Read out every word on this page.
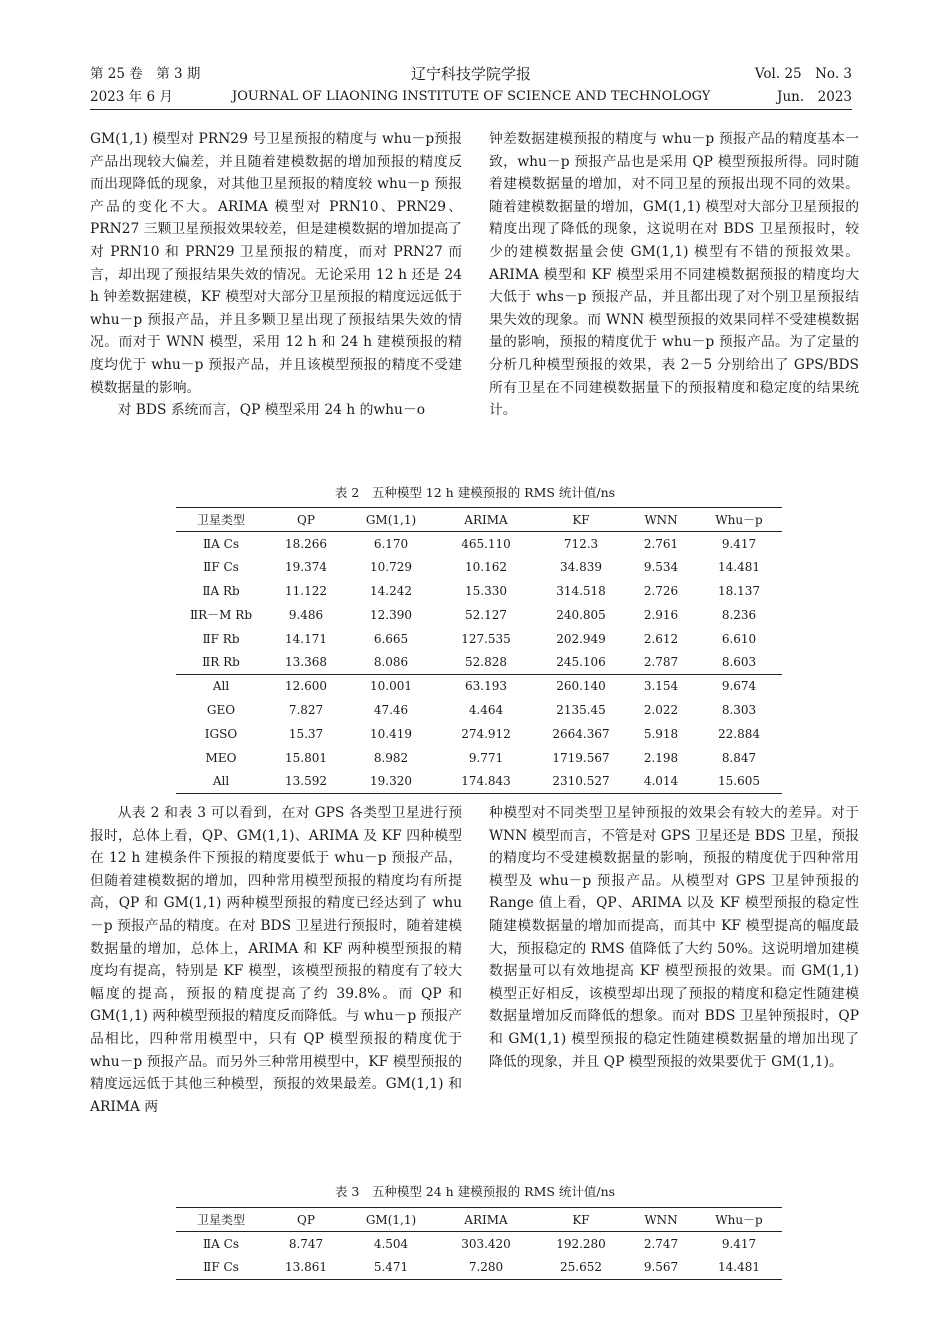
第 25 卷　第 3 期	辽宁科技学院学报	Vol. 25　No. 3
2023 年 6 月	JOURNAL OF LIAONING INSTITUTE OF SCIENCE AND TECHNOLOGY	Jun.　2023

GM(1,1) 模型对 PRN29 号卫星预报的精度与 whu－p预报产品出现较大偏差，并且随着建模数据的增加预报的精度反而出现降低的现象，对其他卫星预报的精度较 whu－p 预报产品的变化不大。ARIMA 模型对 PRN10、PRN29、PRN27 三颗卫星预报效果较差，但是建模数据的增加提高了对 PRN10 和 PRN29 卫星预报的精度，而对 PRN27 而言，却出现了预报结果失效的情况。无论采用 12 h 还是 24 h 钟差数据建模，KF 模型对大部分卫星预报的精度远远低于 whu－p 预报产品，并且多颗卫星出现了预报结果失效的情况。而对于 WNN 模型，采用 12 h 和 24 h 建模预报的精度均优于 whu－p 预报产品，并且该模型预报的精度不受建模数据量的影响。

对 BDS 系统而言，QP 模型采用 24 h 的whu－o

钟差数据建模预报的精度与 whu－p 预报产品的精度基本一致，whu－p 预报产品也是采用 QP 模型预报所得。同时随着建模数据量的增加，对不同卫星的预报出现不同的效果。随着建模数据量的增加，GM(1,1) 模型对大部分卫星预报的精度出现了降低的现象，这说明在对 BDS 卫星预报时，较少的建模数据量会使 GM(1,1) 模型有不错的预报效果。ARIMA 模型和 KF 模型采用不同建模数据预报的精度均大大低于 whs－p 预报产品，并且都出现了对个别卫星预报结果失效的现象。而 WNN 模型预报的效果同样不受建模数据量的影响，预报的精度优于 whu－p 预报产品。为了定量的分析几种模型预报的效果，表 2－5 分别给出了 GPS/BDS 所有卫星在不同建模数据量下的预报精度和稳定度的结果统计。

表 2　五种模型 12 h 建模预报的 RMS 统计值/ns
卫星类型	QP	GM(1,1)	ARIMA	KF	WNN	Whu－p
ⅡA Cs	18.266	6.170	465.110	712.3	2.761	9.417
ⅡF Cs	19.374	10.729	10.162	34.839	9.534	14.481
ⅡA Rb	11.122	14.242	15.330	314.518	2.726	18.137
ⅡR－M Rb	9.486	12.390	52.127	240.805	2.916	8.236
ⅡF Rb	14.171	6.665	127.535	202.949	2.612	6.610
ⅡR Rb	13.368	8.086	52.828	245.106	2.787	8.603
All	12.600	10.001	63.193	260.140	3.154	9.674
GEO	7.827	47.46	4.464	2135.45	2.022	8.303
IGSO	15.37	10.419	274.912	2664.367	5.918	22.884
MEO	15.801	8.982	9.771	1719.567	2.198	8.847
All	13.592	19.320	174.843	2310.527	4.014	15.605

从表 2 和表 3 可以看到，在对 GPS 各类型卫星进行预报时，总体上看，QP、GM(1,1)、ARIMA 及 KF 四种模型在 12 h 建模条件下预报的精度要低于 whu－p 预报产品，但随着建模数据的增加，四种常用模型预报的精度均有所提高，QP 和 GM(1,1) 两种模型预报的精度已经达到了 whu－p 预报产品的精度。在对 BDS 卫星进行预报时，随着建模数据量的增加，总体上，ARIMA 和 KF 两种模型预报的精度均有提高，特别是 KF 模型，该模型预报的精度有了较大幅度的提高，预报的精度提高了约 39.8%。而 QP 和 GM(1,1) 两种模型预报的精度反而降低。与 whu－p 预报产品相比，四种常用模型中，只有 QP 模型预报的精度优于 whu－p 预报产品。而另外三种常用模型中，KF 模型预报的精度远远低于其他三种模型，预报的效果最差。GM(1,1) 和 ARIMA 两

种模型对不同类型卫星钟预报的效果会有较大的差异。对于 WNN 模型而言，不管是对 GPS 卫星还是 BDS 卫星，预报的精度均不受建模数据量的影响，预报的精度优于四种常用模型及 whu－p 预报产品。从模型对 GPS 卫星钟预报的 Range 值上看，QP、ARIMA 以及 KF 模型预报的稳定性随建模数据量的增加而提高，而其中 KF 模型提高的幅度最大，预报稳定的 RMS 值降低了大约 50%。这说明增加建模数据量可以有效地提高 KF 模型预报的效果。而 GM(1,1) 模型正好相反，该模型却出现了预报的精度和稳定性随建模数据量增加反而降低的想象。而对 BDS 卫星钟预报时，QP 和 GM(1,1) 模型预报的稳定性随建模数据量的增加出现了降低的现象，并且 QP 模型预报的效果要优于 GM(1,1)。

表 3　五种模型 24 h 建模预报的 RMS 统计值/ns
卫星类型	QP	GM(1,1)	ARIMA	KF	WNN	Whu－p
ⅡA Cs	8.747	4.504	303.420	192.280	2.747	9.417
ⅡF Cs	13.861	5.471	7.280	25.652	9.567	14.481
